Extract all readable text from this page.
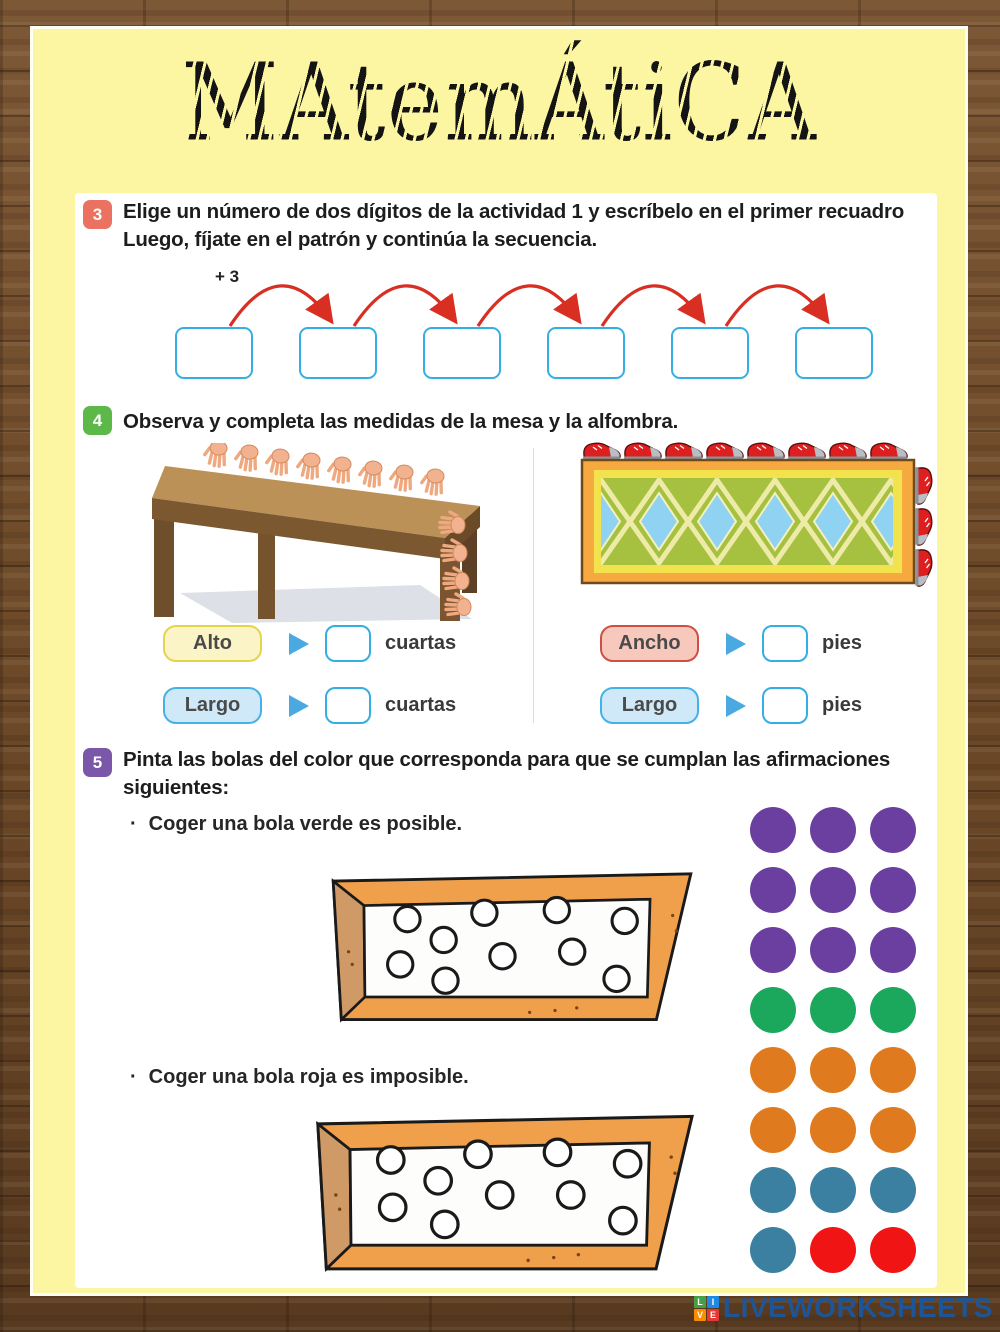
MAtemÁtiCA
3	Elige un número de dos dígitos de la actividad 1 y escríbelo en el primer recuadro Luego, fíjate en el patrón y continúa la secuencia.
+ 3
4	Observa y completa las medidas de la mesa y la alfombra.
Alto	cuartas
Largo	cuartas
Ancho	pies
Largo	pies
5	Pinta las bolas del color que corresponda para que se cumplan las afirmaciones siguientes:
· Coger una bola verde es posible.
· Coger una bola roja es imposible.
L I
V E LIVEWORKSHEETS
